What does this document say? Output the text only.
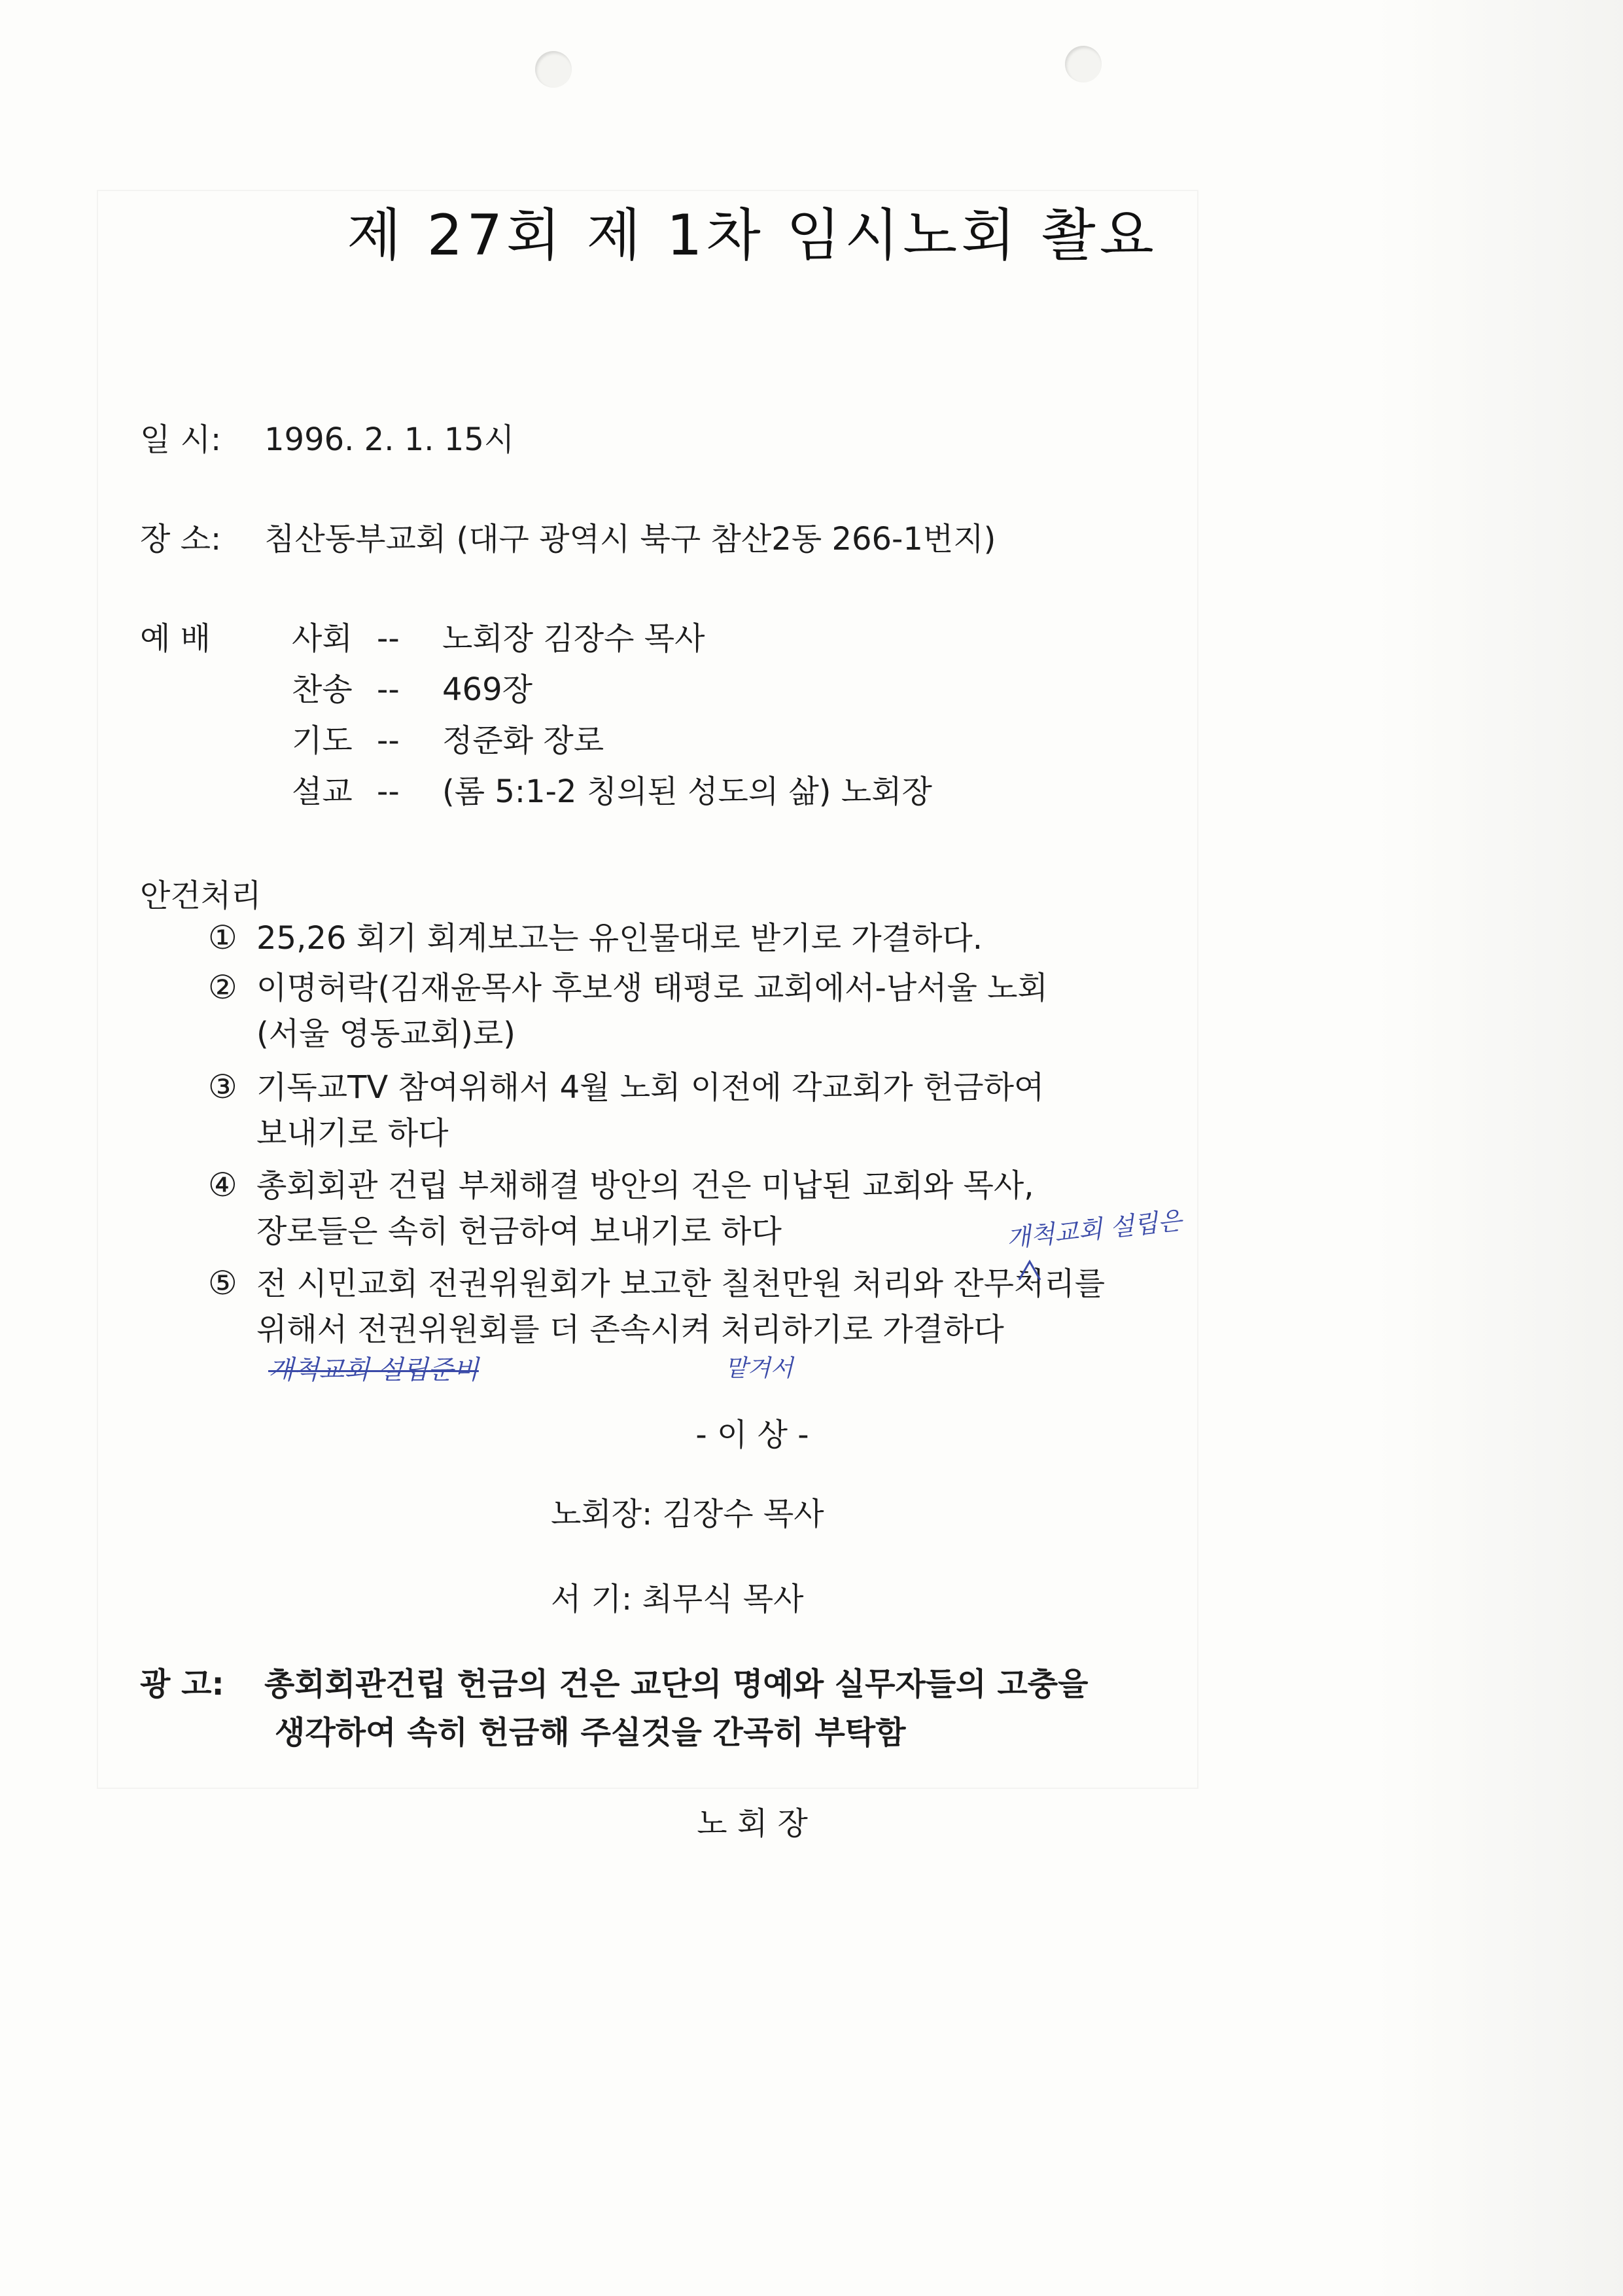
제 27회 제 1차 임시노회 촬요
일 시: 1996. 2. 1. 15시
장 소: 침산동부교회 (대구 광역시 북구 참산2동 266-1번지)
예 배	사회 -- 노회장 김장수 목사
찬송 -- 469장
기도 -- 정준화 장로
설교 -- (롬 5:1-2 칭의된 성도의 삶) 노회장
안건처리
① 25,26 회기 회계보고는 유인물대로 받기로 가결하다.
② 이명허락(김재윤목사 후보생 태평로 교회에서-남서울 노회
(서울 영동교회)로)
③ 기독교TV 참여위해서 4월 노회 이전에 각교회가 헌금하여
보내기로 하다
④ 총회회관 건립 부채해결 방안의 건은 미납된 교회와 목사,
장로들은 속히 헌금하여 보내기로 하다	개척교회 설립은
⑤ 전 시민교회 전권위원회가 보고한 칠천만원 처리와 잔무처리를
위해서 전권위원회를 더 존속시켜 처리하기로 가결하다
개척교회 설립준비	맡겨서
- 이 상 -
노회장: 김장수 목사
서 기: 최무식 목사
광 고: 총회회관건립 헌금의 건은 교단의 명예와 실무자들의 고충을
생각하여 속히 헌금해 주실것을 간곡히 부탁함
노 회 장
